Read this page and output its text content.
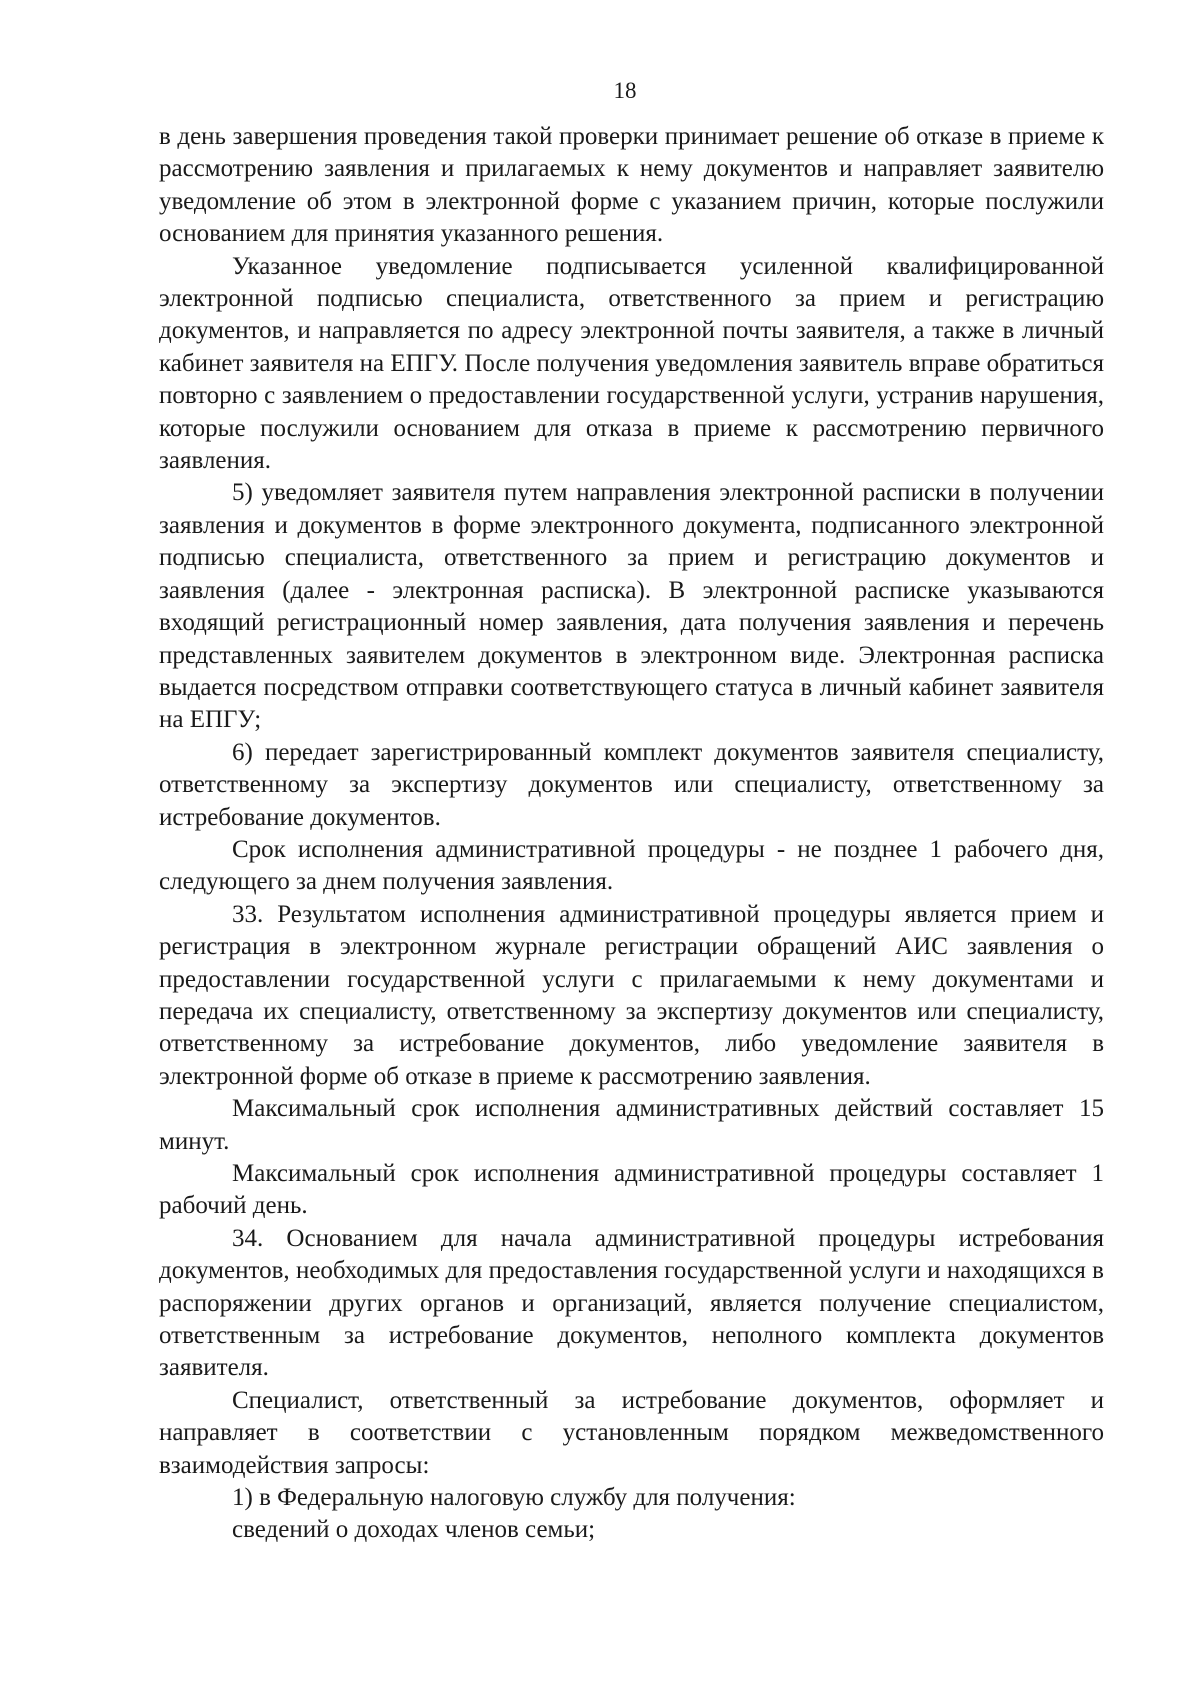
18

в день завершения проведения такой проверки принимает решение об отказе в приеме к рассмотрению заявления и прилагаемых к нему документов и направляет заявителю уведомление об этом в электронной форме с указанием причин, которые послужили основанием для принятия указанного решения.

Указанное уведомление подписывается усиленной квалифицированной электронной подписью специалиста, ответственного за прием и регистрацию документов, и направляется по адресу электронной почты заявителя, а также в личный кабинет заявителя на ЕПГУ. После получения уведомления заявитель вправе обратиться повторно с заявлением о предоставлении государственной услуги, устранив нарушения, которые послужили основанием для отказа в приеме к рассмотрению первичного заявления.

5) уведомляет заявителя путем направления электронной расписки в получении заявления и документов в форме электронного документа, подписанного электронной подписью специалиста, ответственного за прием и регистрацию документов и заявления (далее - электронная расписка). В электронной расписке указываются входящий регистрационный номер заявления, дата получения заявления и перечень представленных заявителем документов в электронном виде. Электронная расписка выдается посредством отправки соответствующего статуса в личный кабинет заявителя на ЕПГУ;

6) передает зарегистрированный комплект документов заявителя специалисту, ответственному за экспертизу документов или специалисту, ответственному за истребование документов.

Срок исполнения административной процедуры - не позднее 1 рабочего дня, следующего за днем получения заявления.

33. Результатом исполнения административной процедуры является прием и регистрация в электронном журнале регистрации обращений АИС заявления о предоставлении государственной услуги с прилагаемыми к нему документами и передача их специалисту, ответственному за экспертизу документов или специалисту, ответственному за истребование документов, либо уведомление заявителя в электронной форме об отказе в приеме к рассмотрению заявления.

Максимальный срок исполнения административных действий составляет 15 минут.

Максимальный срок исполнения административной процедуры составляет 1 рабочий день.

34. Основанием для начала административной процедуры истребования документов, необходимых для предоставления государственной услуги и находящихся в распоряжении других органов и организаций, является получение специалистом, ответственным за истребование документов, неполного комплекта документов заявителя.

Специалист, ответственный за истребование документов, оформляет и направляет в соответствии с установленным порядком межведомственного взаимодействия запросы:

1) в Федеральную налоговую службу для получения:

сведений о доходах членов семьи;
